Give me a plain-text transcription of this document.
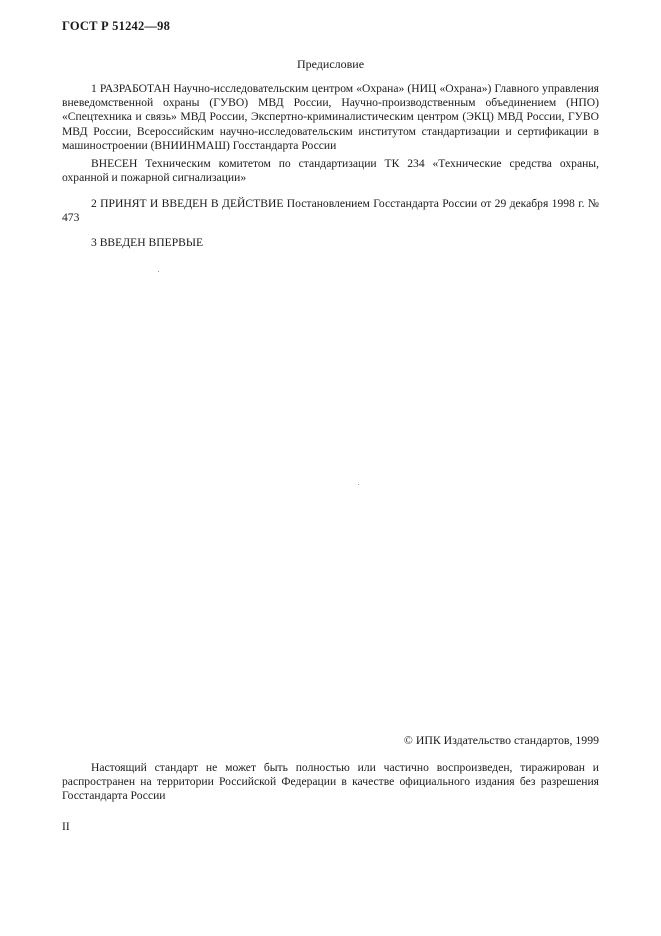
ГОСТ Р 51242—98
Предисловие

1 РАЗРАБОТАН Научно-исследовательским центром «Охрана» (НИЦ «Охрана») Главного управления вневедомственной охраны (ГУВО) МВД России, Научно-производственным объединением (НПО) «Спецтехника и связь» МВД России, Экспертно-криминалистическим центром (ЭКЦ) МВД России, ГУВО МВД России, Всероссийским научно-исследовательским институтом стандартизации и сертификации в машиностроении (ВНИИНМАШ) Госстандарта России

ВНЕСЕН Техническим комитетом по стандартизации ТК 234 «Технические средства охраны, охранной и пожарной сигнализации»

2 ПРИНЯТ И ВВЕДЕН В ДЕЙСТВИЕ Постановлением Госстандарта России от 29 декабря 1998 г. № 473

3 ВВЕДЕН ВПЕРВЫЕ

© ИПК Издательство стандартов, 1999

Настоящий стандарт не может быть полностью или частично воспроизведен, тиражирован и распространен на территории Российской Федерации в качестве официального издания без разрешения Госстандарта России

II
